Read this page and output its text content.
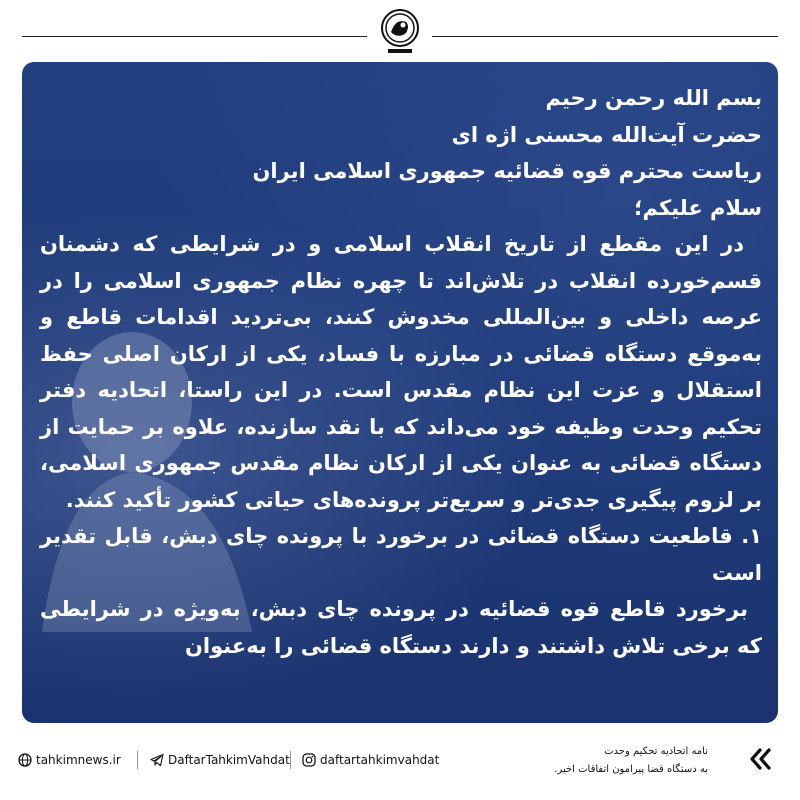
بسم الله رحمن رحیم

حضرت آیت‌الله محسنی اژه ای

ریاست محترم قوه قضائیه جمهوری اسلامی ایران

سلام علیکم؛

در این مقطع از تاریخ انقلاب اسلامی و در شرایطی که دشمنان قسم‌خورده انقلاب در تلاش‌اند تا چهره نظام جمهوری اسلامی را در عرصه داخلی و بین‌المللی مخدوش کنند، بی‌تردید اقدامات قاطع و به‌موقع دستگاه قضائی در مبارزه با فساد، یکی از ارکان اصلی حفظ استقلال و عزت این نظام مقدس است. در این راستا، اتحادیه دفتر تحکیم وحدت وظیفه خود می‌داند که با نقد سازنده، علاوه بر حمایت از دستگاه قضائی به عنوان یکی از ارکان نظام مقدس جمهوری اسلامی، بر لزوم پیگیری جدی‌تر و سریع‌تر پرونده‌های حیاتی کشور تأکید کنند.

۱. قاطعیت دستگاه قضائی در برخورد با پرونده چای دبش، قابل تقدیر است

برخورد قاطع قوه قضائیه در پرونده چای دبش، به‌ویژه در شرایطی که برخی تلاش داشتند و دارند دستگاه قضائی را به‌عنوان

tahkimnews.ir	DaftarTahkimVahdat	daftartahkimvahdat
نامه اتحادیه تحکیم وحدت
به دستگاه قضا پیرامون اتفاقات اخیر.
